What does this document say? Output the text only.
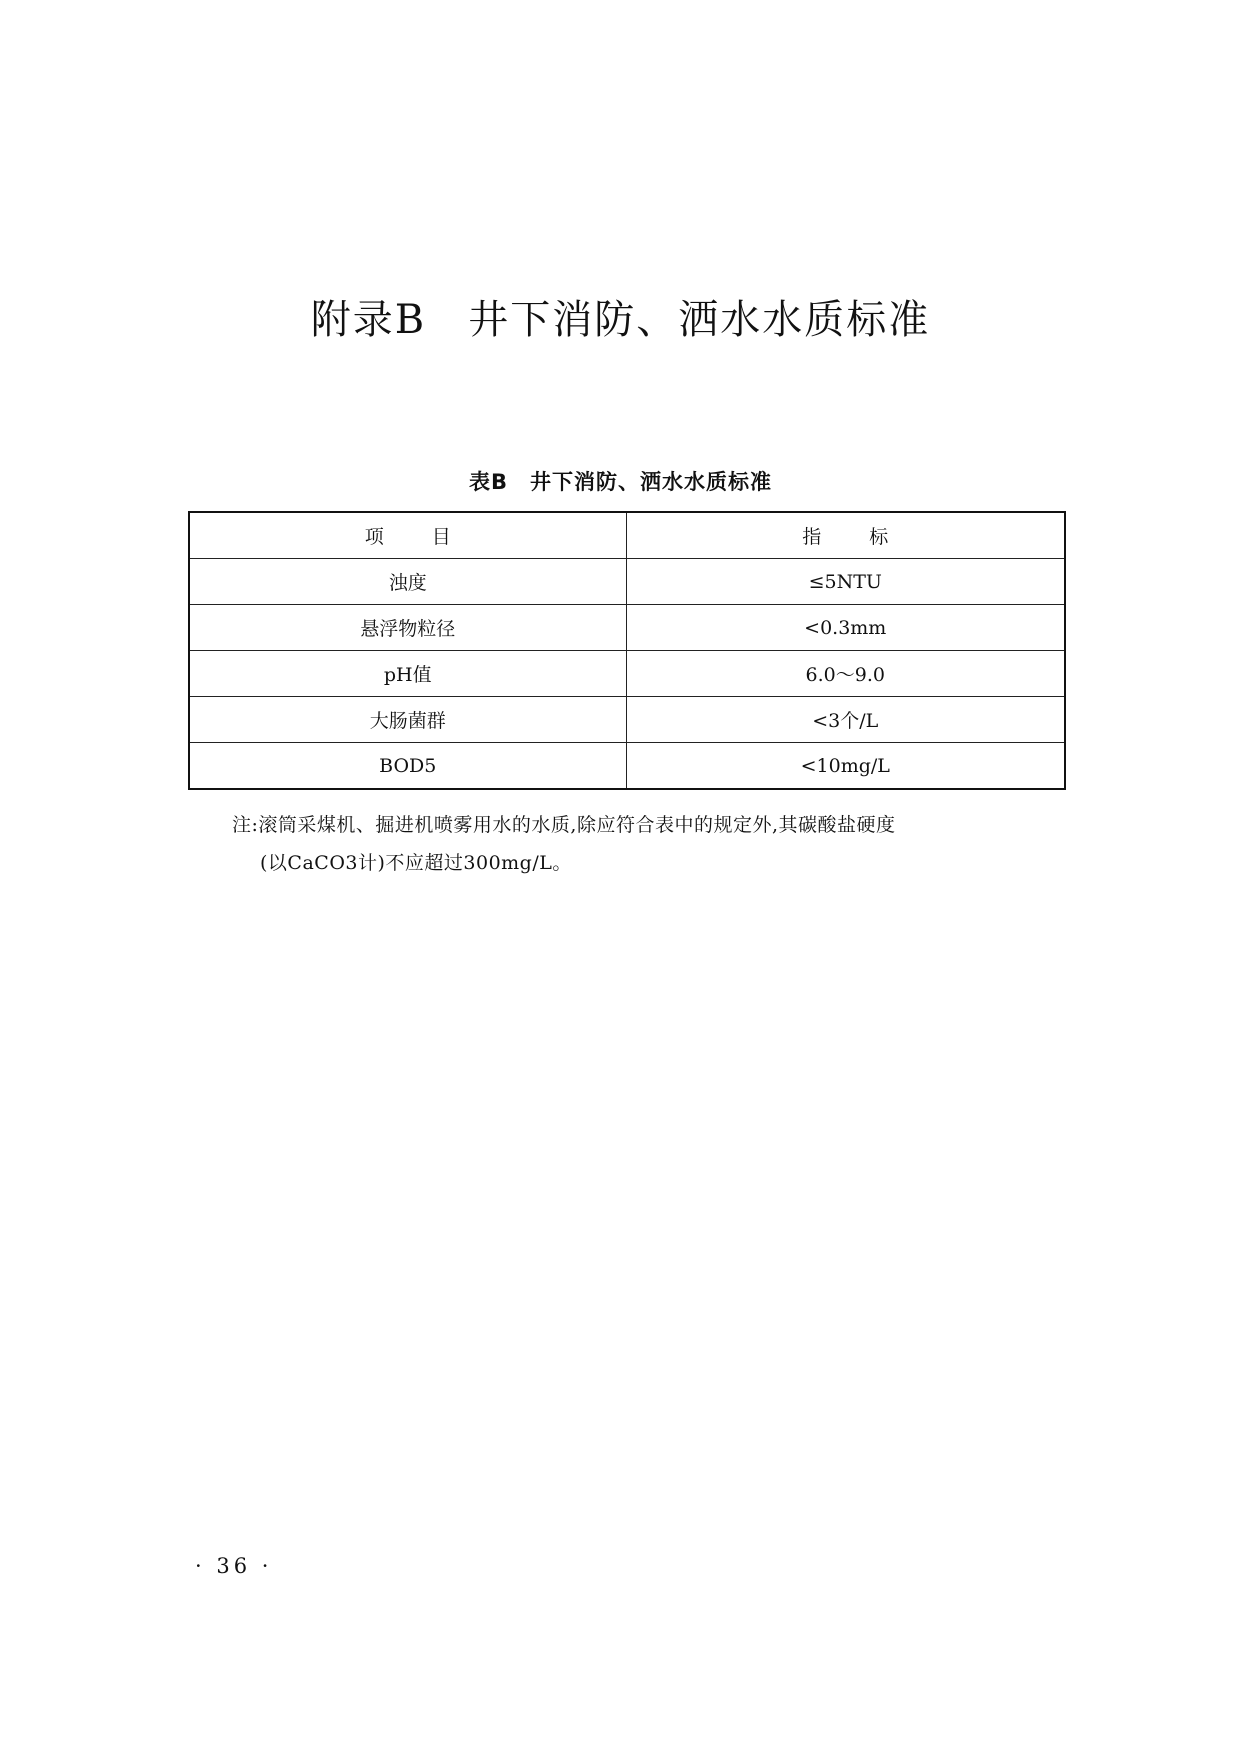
附录B　井下消防、洒水水质标准
表B　井下消防、洒水水质标准
项目	指标
浊度	≤5NTU
悬浮物粒径	<0.3mm
pH值	6.0～9.0
大肠菌群	<3个/L
BOD5	<10mg/L
注:滚筒采煤机、掘进机喷雾用水的水质,除应符合表中的规定外,其碳酸盐硬度
(以CaCO3计)不应超过300mg/L。
· 36 ·
